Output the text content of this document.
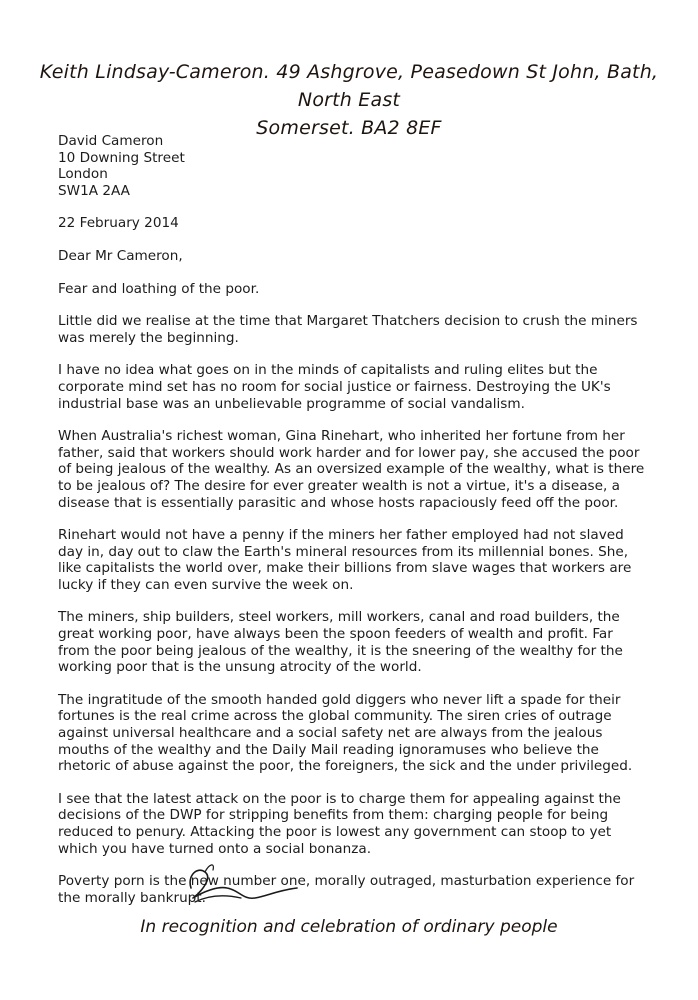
Keith Lindsay-Cameron. 49 Ashgrove, Peasedown St John, Bath, North East
Somerset. BA2 8EF
David Cameron
10 Downing Street
London
SW1A 2AA
22 February 2014
Dear Mr Cameron,
Fear and loathing of the poor.
Little did we realise at the time that Margaret Thatchers decision to crush the miners was merely the beginning.
I have no idea what goes on in the minds of capitalists and ruling elites but the corporate mind set has no room for social justice or fairness. Destroying the UK's industrial base was an unbelievable programme of social vandalism.
When Australia's richest woman, Gina Rinehart, who inherited her fortune from her father, said that workers should work harder and for lower pay, she accused the poor of being jealous of the wealthy. As an oversized example of the wealthy, what is there to be jealous of? The desire for ever greater wealth is not a virtue, it's a disease, a disease that is essentially parasitic and whose hosts rapaciously feed off the poor.
Rinehart would not have a penny if the miners her father employed had not slaved day in, day out to claw the Earth's mineral resources from its millennial bones. She, like capitalists the world over, make their billions from slave wages that workers are lucky if they can even survive the week on.
The miners, ship builders, steel workers, mill workers, canal and road builders, the great working poor, have always been the spoon feeders of wealth and profit. Far from the poor being jealous of the wealthy, it is the sneering of the wealthy for the working poor that is the unsung atrocity of the world.
The ingratitude of the smooth handed gold diggers who never lift a spade for their fortunes is the real crime across the global community. The siren cries of outrage against universal healthcare and a social safety net are always from the jealous mouths of the wealthy and the Daily Mail reading ignoramuses who believe the rhetoric of abuse against the poor, the foreigners, the sick and the under privileged.
I see that the latest attack on the poor is to charge them for appealing against the decisions of the DWP for stripping benefits from them: charging people for being reduced to penury. Attacking the poor is lowest any government can stoop to yet which you have turned onto a social bonanza.
Poverty porn is the new number one, morally outraged, masturbation experience for the morally bankrupt.
In recognition and celebration of ordinary people
